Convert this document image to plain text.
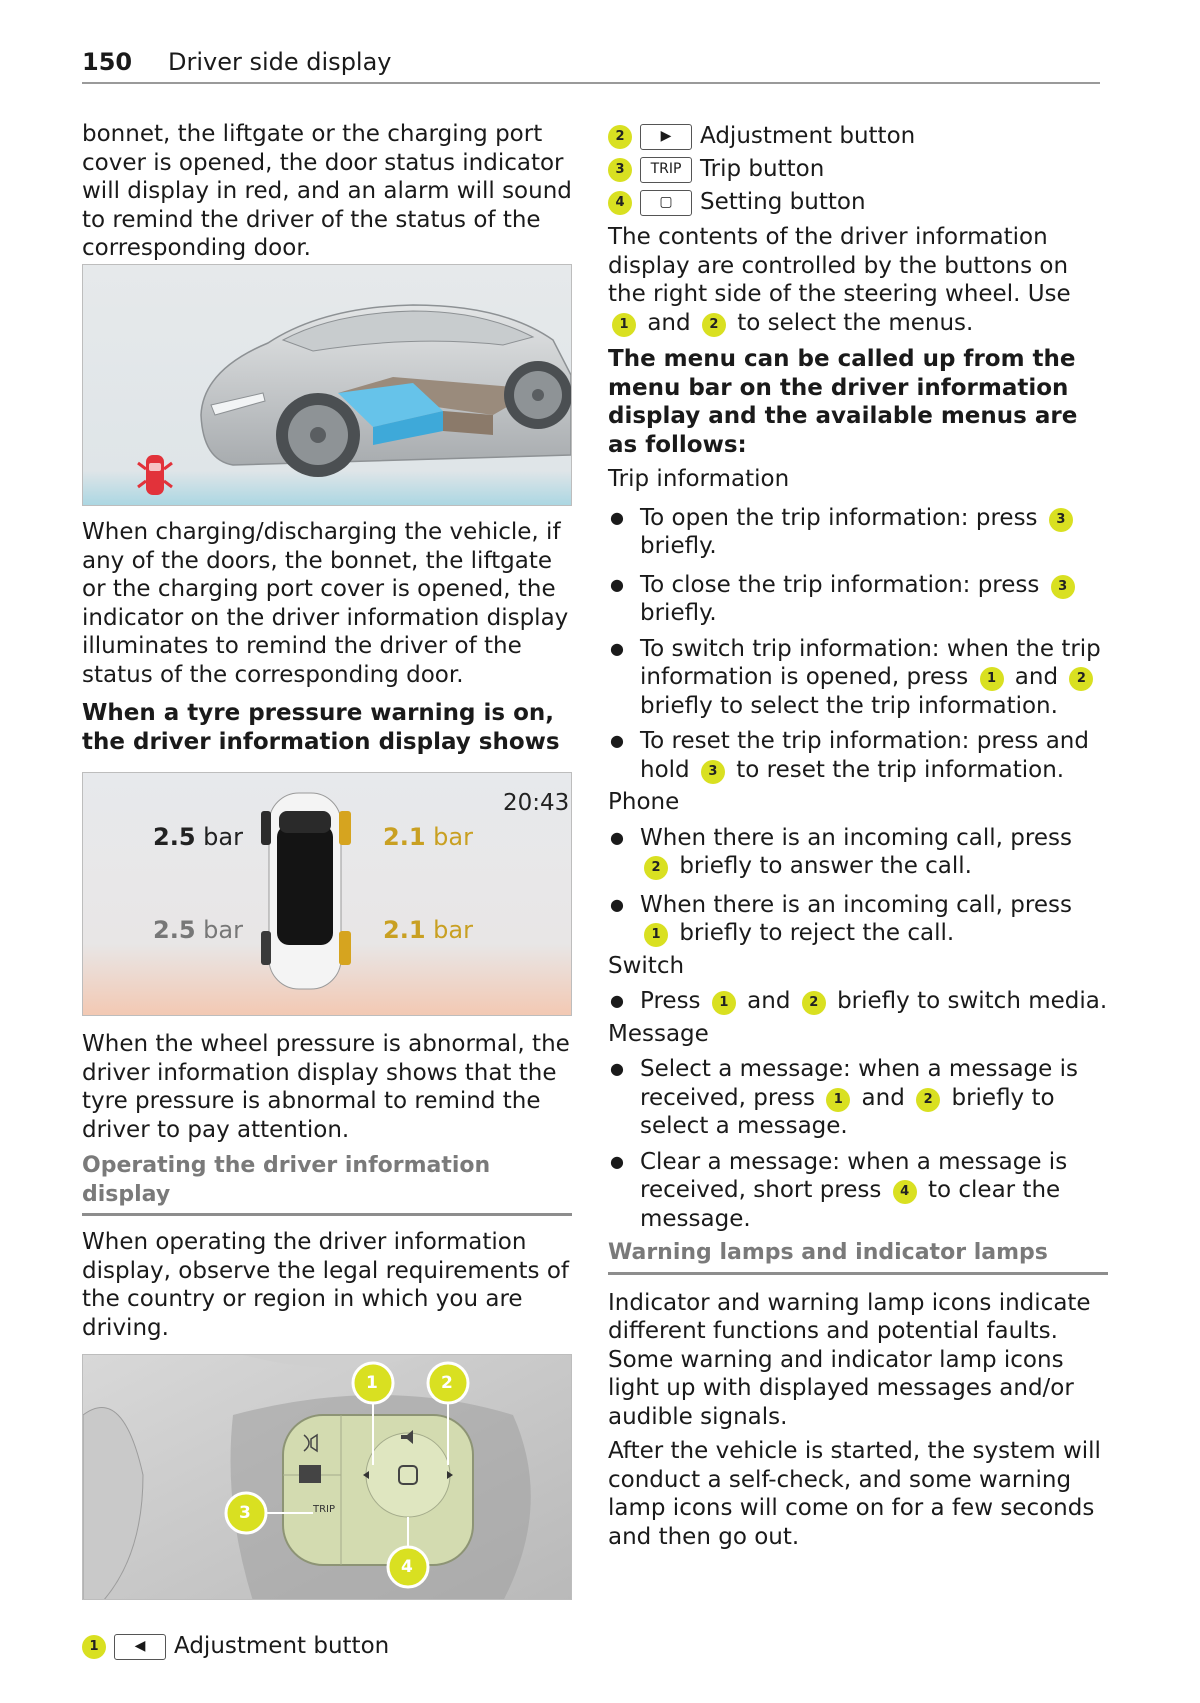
150 Driver side display

bonnet, the liftgate or the charging port cover is opened, the door status indicator will display in red, and an alarm will sound to remind the driver of the status of the corresponding door.

When charging/discharging the vehicle, if any of the doors, the bonnet, the liftgate or the charging port cover is opened, the indicator on the driver information display illuminates to remind the driver of the status of the corresponding door.

When a tyre pressure warning is on, the driver information display shows

20:43
2.5 bar	2.1 bar
2.5 bar	2.1 bar

When the wheel pressure is abnormal, the driver information display shows that the tyre pressure is abnormal to remind the driver to pay attention.

Operating the driver information display

When operating the driver information display, observe the legal requirements of the country or region in which you are driving.

TRIP
1	2
3
4
1	◀	Adjustment button
2	▶	Adjustment button
3	TRIP Trip button
4	▢	Setting button

The contents of the driver information display are controlled by the buttons on the right side of the steering wheel. Use 1 and 2 to select the menus.

The menu can be called up from the menu bar on the driver information display and the available menus are as follows:

Trip information

● To open the trip information: press 3 briefly.
● To close the trip information: press 3 briefly.
● To switch trip information: when the trip information is opened, press 1 and 2 briefly to select the trip information.
● To reset the trip information: press and hold 3 to reset the trip information.

Phone

● When there is an incoming call, press 2 briefly to answer the call.
● When there is an incoming call, press 1 briefly to reject the call.

Switch

● Press 1 and 2 briefly to switch media.

Message

● Select a message: when a message is received, press 1 and 2 briefly to select a message.
● Clear a message: when a message is received, short press 4 to clear the message.

Warning lamps and indicator lamps

Indicator and warning lamp icons indicate different functions and potential faults. Some warning and indicator lamp icons light up with displayed messages and/or audible signals.

After the vehicle is started, the system will conduct a self-check, and some warning lamp icons will come on for a few seconds and then go out.
